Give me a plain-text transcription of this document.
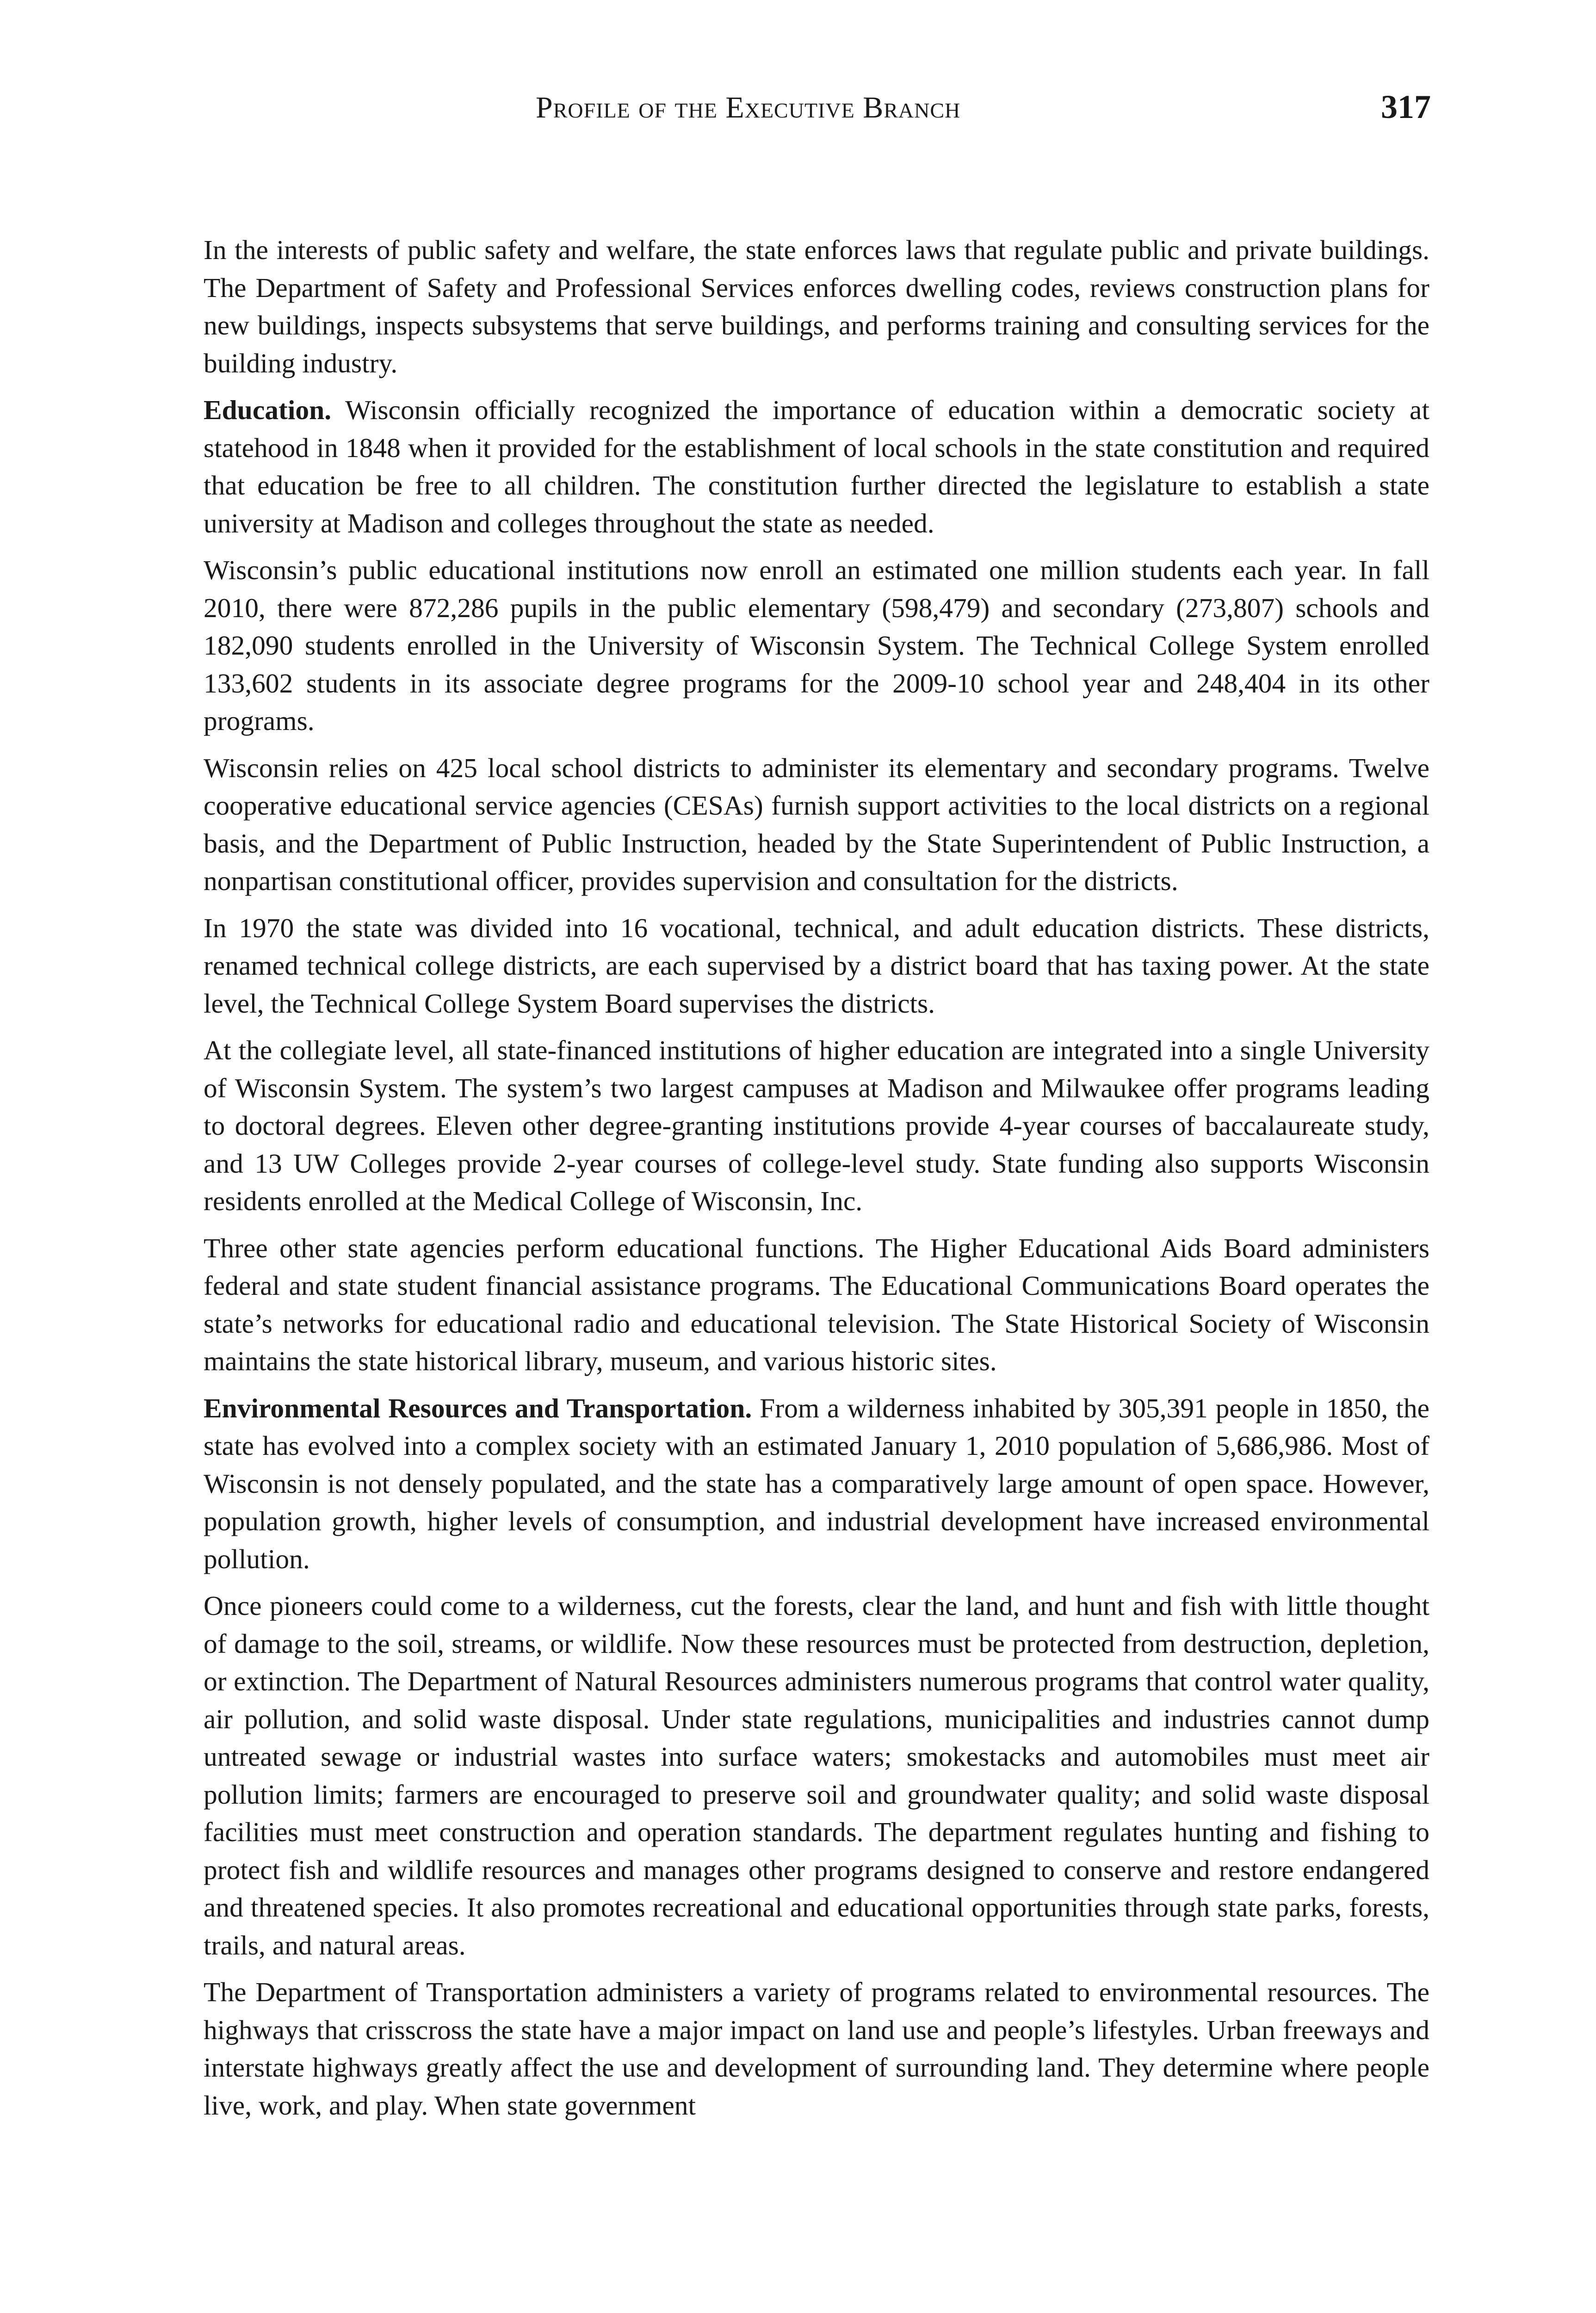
Profile of the Executive Branch	317

In the interests of public safety and welfare, the state enforces laws that regulate public and private buildings. The Department of Safety and Professional Services enforces dwelling codes, reviews construction plans for new buildings, inspects subsystems that serve buildings, and performs training and consulting services for the building industry.

Education. Wisconsin officially recognized the importance of education within a democratic society at statehood in 1848 when it provided for the establishment of local schools in the state constitution and required that education be free to all children. The constitution further directed the legislature to establish a state university at Madison and colleges throughout the state as needed.

Wisconsin’s public educational institutions now enroll an estimated one million students each year. In fall 2010, there were 872,286 pupils in the public elementary (598,479) and secondary (273,807) schools and 182,090 students enrolled in the University of Wisconsin System. The Technical College System enrolled 133,602 students in its associate degree programs for the 2009-10 school year and 248,404 in its other programs.

Wisconsin relies on 425 local school districts to administer its elementary and secondary programs. Twelve cooperative educational service agencies (CESAs) furnish support activities to the local districts on a regional basis, and the Department of Public Instruction, headed by the State Superintendent of Public Instruction, a nonpartisan constitutional officer, provides supervision and consultation for the districts.

In 1970 the state was divided into 16 vocational, technical, and adult education districts. These districts, renamed technical college districts, are each supervised by a district board that has taxing power. At the state level, the Technical College System Board supervises the districts.

At the collegiate level, all state-financed institutions of higher education are integrated into a single University of Wisconsin System. The system’s two largest campuses at Madison and Milwaukee offer programs leading to doctoral degrees. Eleven other degree-granting institutions provide 4-year courses of baccalaureate study, and 13 UW Colleges provide 2-year courses of college-level study. State funding also supports Wisconsin residents enrolled at the Medical College of Wisconsin, Inc.

Three other state agencies perform educational functions. The Higher Educational Aids Board administers federal and state student financial assistance programs. The Educational Communications Board operates the state’s networks for educational radio and educational television. The State Historical Society of Wisconsin maintains the state historical library, museum, and various historic sites.

Environmental Resources and Transportation. From a wilderness inhabited by 305,391 people in 1850, the state has evolved into a complex society with an estimated January 1, 2010 population of 5,686,986. Most of Wisconsin is not densely populated, and the state has a comparatively large amount of open space. However, population growth, higher levels of consumption, and industrial development have increased environmental pollution.

Once pioneers could come to a wilderness, cut the forests, clear the land, and hunt and fish with little thought of damage to the soil, streams, or wildlife. Now these resources must be protected from destruction, depletion, or extinction. The Department of Natural Resources administers numerous programs that control water quality, air pollution, and solid waste disposal. Under state regulations, municipalities and industries cannot dump untreated sewage or industrial wastes into surface waters; smokestacks and automobiles must meet air pollution limits; farmers are encouraged to preserve soil and groundwater quality; and solid waste disposal facilities must meet construction and operation standards. The department regulates hunting and fishing to protect fish and wildlife resources and manages other programs designed to conserve and restore endangered and threatened species. It also promotes recreational and educational opportunities through state parks, forests, trails, and natural areas.

The Department of Transportation administers a variety of programs related to environmental resources. The highways that crisscross the state have a major impact on land use and people’s lifestyles. Urban freeways and interstate highways greatly affect the use and development of surrounding land. They determine where people live, work, and play. When state government
